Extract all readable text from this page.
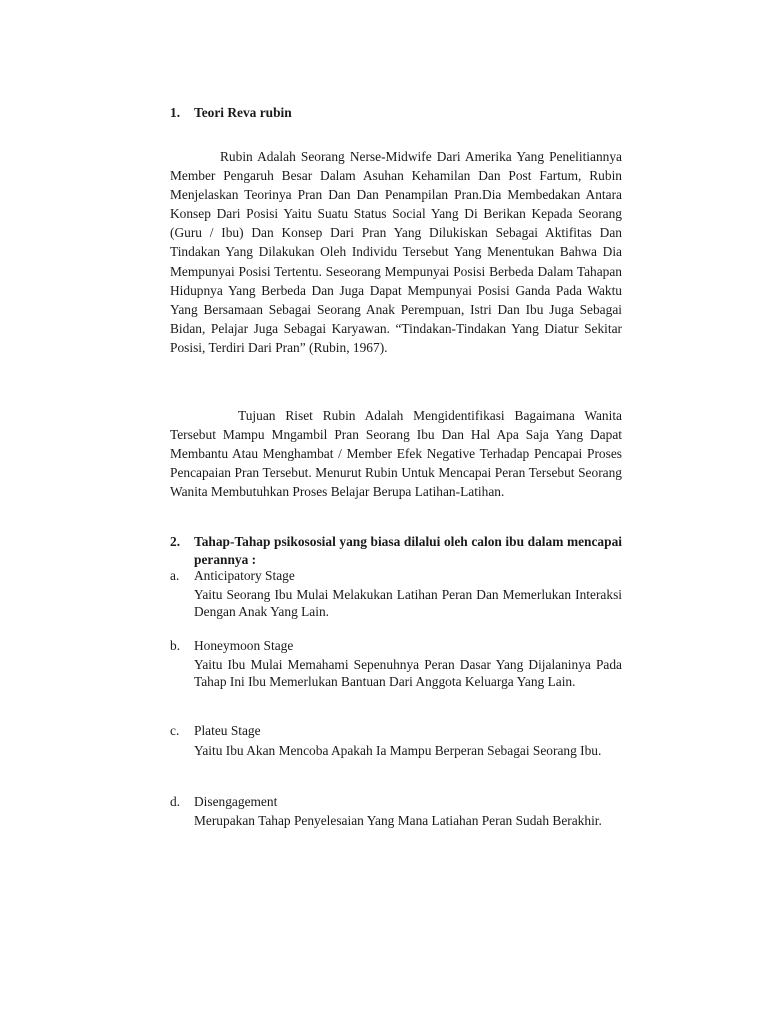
1. Teori Reva rubin

Rubin Adalah Seorang Nerse-Midwife Dari Amerika Yang Penelitiannya Member Pengaruh Besar Dalam Asuhan Kehamilan Dan Post Fartum, Rubin Menjelaskan Teorinya Pran Dan Dan Penampilan Pran.Dia Membedakan Antara Konsep Dari Posisi Yaitu Suatu Status Social Yang Di Berikan Kepada Seorang (Guru / Ibu) Dan Konsep Dari Pran Yang Dilukiskan Sebagai Aktifitas Dan Tindakan Yang Dilakukan Oleh Individu Tersebut Yang Menentukan Bahwa Dia Mempunyai Posisi Tertentu. Seseorang Mempunyai Posisi Berbeda Dalam Tahapan Hidupnya Yang Berbeda Dan Juga Dapat Mempunyai Posisi Ganda Pada Waktu Yang Bersamaan Sebagai Seorang Anak Perempuan, Istri Dan Ibu Juga Sebagai Bidan, Pelajar Juga Sebagai Karyawan. “Tindakan-Tindakan Yang Diatur Sekitar Posisi, Terdiri Dari Pran” (Rubin, 1967).

Tujuan Riset Rubin Adalah Mengidentifikasi Bagaimana Wanita Tersebut Mampu Mngambil Pran Seorang Ibu Dan Hal Apa Saja Yang Dapat Membantu Atau Menghambat / Member Efek Negative Terhadap Pencapai Proses Pencapaian Pran Tersebut. Menurut Rubin Untuk Mencapai Peran Tersebut Seorang Wanita Membutuhkan Proses Belajar Berupa Latihan-Latihan.

2. Tahap-Tahap psikososial yang biasa dilalui oleh calon ibu dalam mencapai perannya :
a. Anticipatory Stage

Yaitu Seorang Ibu Mulai Melakukan Latihan Peran Dan Memerlukan Interaksi Dengan Anak Yang Lain.

b. Honeymoon Stage

Yaitu Ibu Mulai Memahami Sepenuhnya Peran Dasar Yang Dijalaninya Pada Tahap Ini Ibu Memerlukan Bantuan Dari Anggota Keluarga Yang Lain.

c. Plateu Stage

Yaitu Ibu Akan Mencoba Apakah Ia Mampu Berperan Sebagai Seorang Ibu.

d. Disengagement

Merupakan Tahap Penyelesaian Yang Mana Latiahan Peran Sudah Berakhir.
